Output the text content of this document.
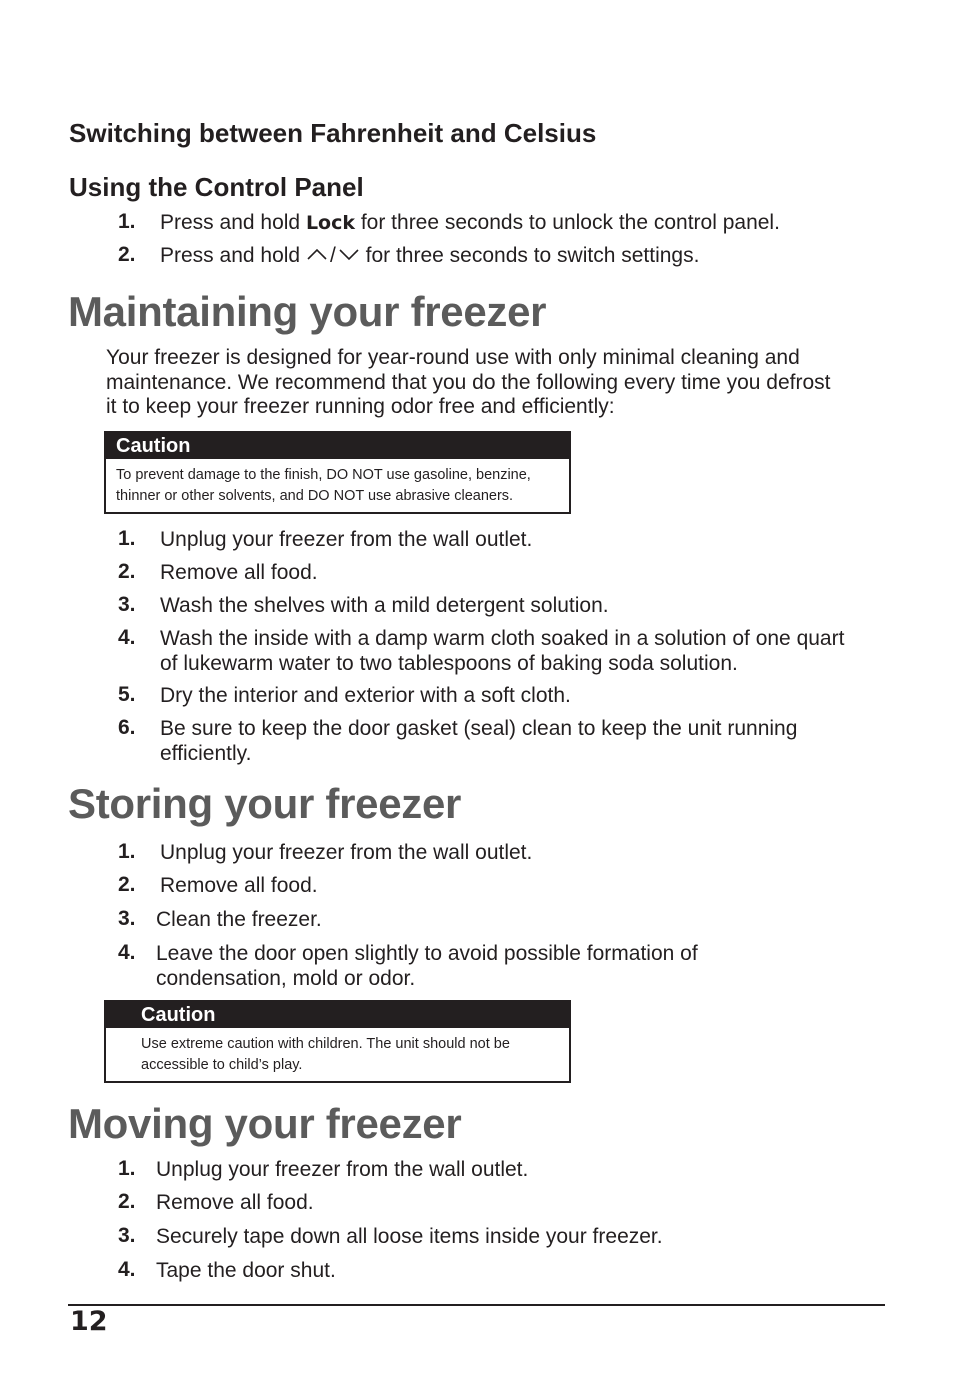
Switching between Fahrenheit and Celsius
Using the Control Panel
1. Press and hold Lock for three seconds to unlock the control panel.
2. Press and hold / for three seconds to switch settings.
Maintaining your freezer
Your freezer is designed for year-round use with only minimal cleaning and maintenance. We recommend that you do the following every time you defrost it to keep your freezer running odor free and efficiently:
Caution
To prevent damage to the finish, DO NOT use gasoline, benzine, thinner or other solvents, and DO NOT use abrasive cleaners.
1. Unplug your freezer from the wall outlet.
2. Remove all food.
3. Wash the shelves with a mild detergent solution.
4. Wash the inside with a damp warm cloth soaked in a solution of one quart of lukewarm water to two tablespoons of baking soda solution.
5. Dry the interior and exterior with a soft cloth.
6. Be sure to keep the door gasket (seal) clean to keep the unit running efficiently.
Storing your freezer
1. Unplug your freezer from the wall outlet.
2. Remove all food.
3. Clean the freezer.
4. Leave the door open slightly to avoid possible formation of condensation, mold or odor.
Caution
Use extreme caution with children. The unit should not be accessible to child’s play.
Moving your freezer
1. Unplug your freezer from the wall outlet.
2. Remove all food.
3. Securely tape down all loose items inside your freezer.
4. Tape the door shut.
12
